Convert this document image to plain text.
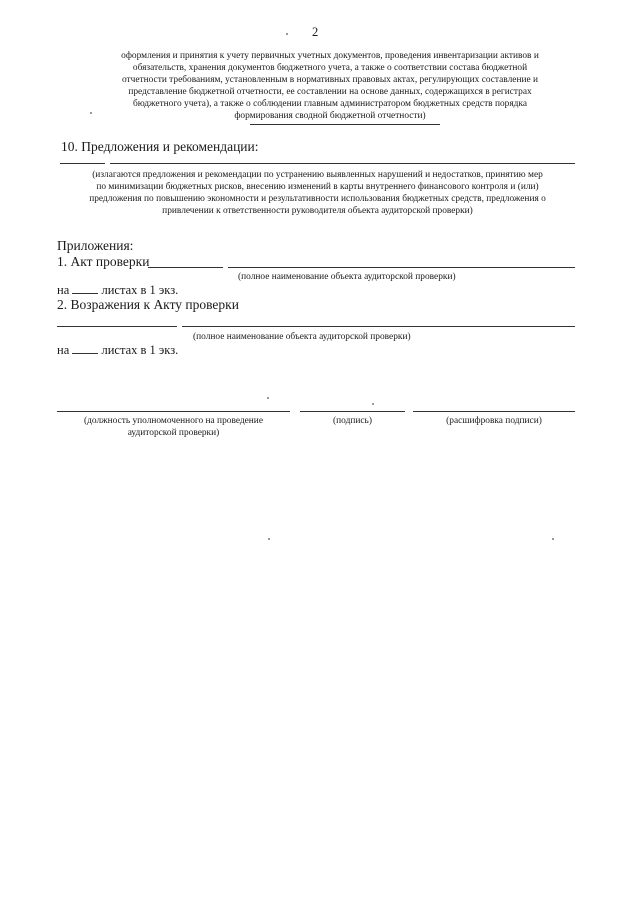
2
оформления и принятия к учету первичных учетных документов, проведения инвентаризации активов и
обязательств, хранения документов бюджетного учета, а также о соответствии состава бюджетной
отчетности требованиям, установленным в нормативных правовых актах, регулирующих составление и
представление бюджетной отчетности, ее составлении на основе данных, содержащихся в регистрах
бюджетного учета), а также о соблюдении главным администратором бюджетных средств порядка
формирования сводной бюджетной отчетности)
10. Предложения и рекомендации:
(излагаются предложения и рекомендации по устранению выявленных нарушений и недостатков, принятию мер
по минимизации бюджетных рисков, внесению изменений в карты внутреннего финансового контроля и (или)
предложения по повышению экономности и результативности использования бюджетных средств, предложения о
привлечении к ответственности руководителя объекта аудиторской проверки)
Приложения:
1. Акт проверки
(полное наименование объекта аудиторской проверки)
на	листах в 1 экз.
2. Возражения к Акту проверки
(полное наименование объекта аудиторской проверки)
на	листах в 1 экз.
(должность уполномоченного на проведение
аудиторской проверки)
(подпись)	(расшифровка подписи)
